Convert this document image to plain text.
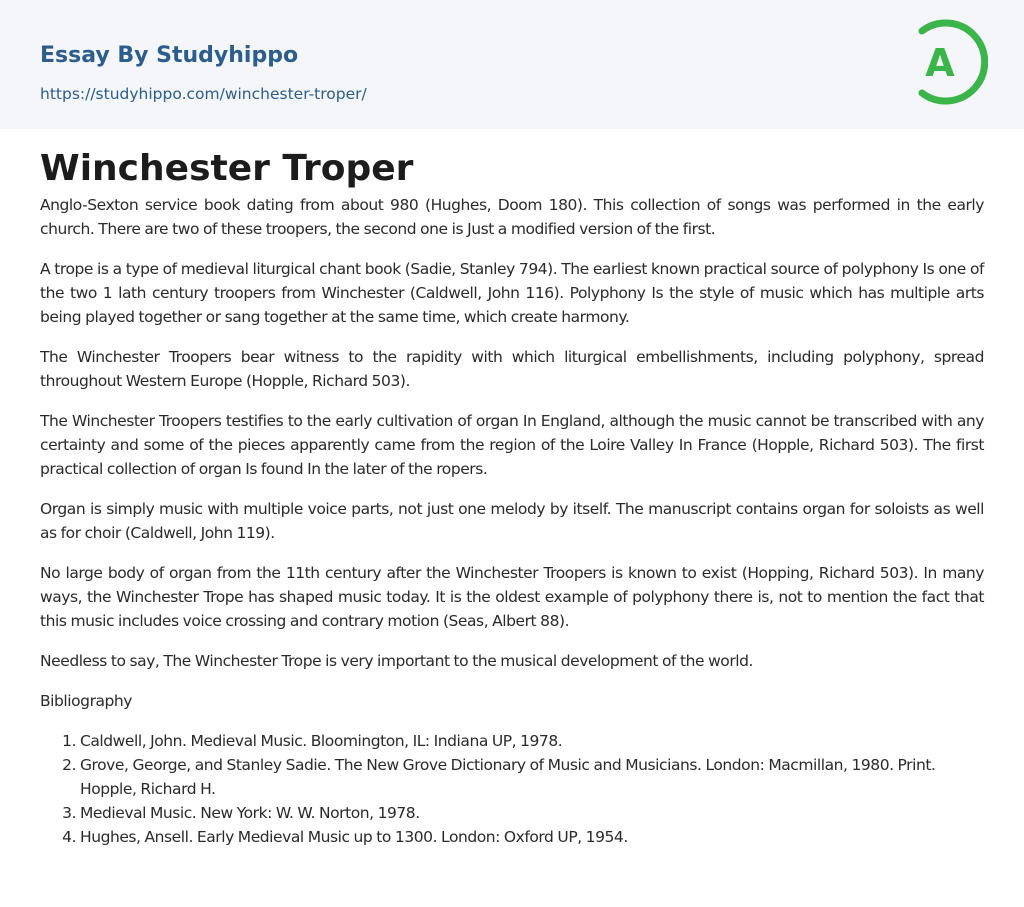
Essay By Studyhippo
https://studyhippo.com/winchester-troper/
A
Winchester Troper

Anglo-Sexton service book dating from about 980 (Hughes, Doom 180). This collection of songs was performed in the early church. There are two of these troopers, the second one is Just a modified version of the first.

A trope is a type of medieval liturgical chant book (Sadie, Stanley 794). The earliest known practical source of polyphony Is one of the two 1 lath century troopers from Winchester (Caldwell, John 116). Polyphony Is the style of music which has multiple arts being played together or sang together at the same time, which create harmony.

The Winchester Troopers bear witness to the rapidity with which liturgical embellishments, including polyphony, spread throughout Western Europe (Hopple, Richard 503).

The Winchester Troopers testifies to the early cultivation of organ In England, although the music cannot be transcribed with any certainty and some of the pieces apparently came from the region of the Loire Valley In France (Hopple, Richard 503). The first practical collection of organ Is found In the later of the ropers.

Organ is simply music with multiple voice parts, not just one melody by itself. The manuscript contains organ for soloists as well as for choir (Caldwell, John 119).

No large body of organ from the 11th century after the Winchester Troopers is known to exist (Hopping, Richard 503). In many ways, the Winchester Trope has shaped music today. It is the oldest example of polyphony there is, not to mention the fact that this music includes voice crossing and contrary motion (Seas, Albert 88).

Needless to say, The Winchester Trope is very important to the musical development of the world.

Bibliography

1. Caldwell, John. Medieval Music. Bloomington, IL: Indiana UP, 1978.
2. Grove, George, and Stanley Sadie. The New Grove Dictionary of Music and Musicians. London: Macmillan, 1980. Print. Hopple, Richard H.
3. Medieval Music. New York: W. W. Norton, 1978.
4. Hughes, Ansell. Early Medieval Music up to 1300. London: Oxford UP, 1954.
